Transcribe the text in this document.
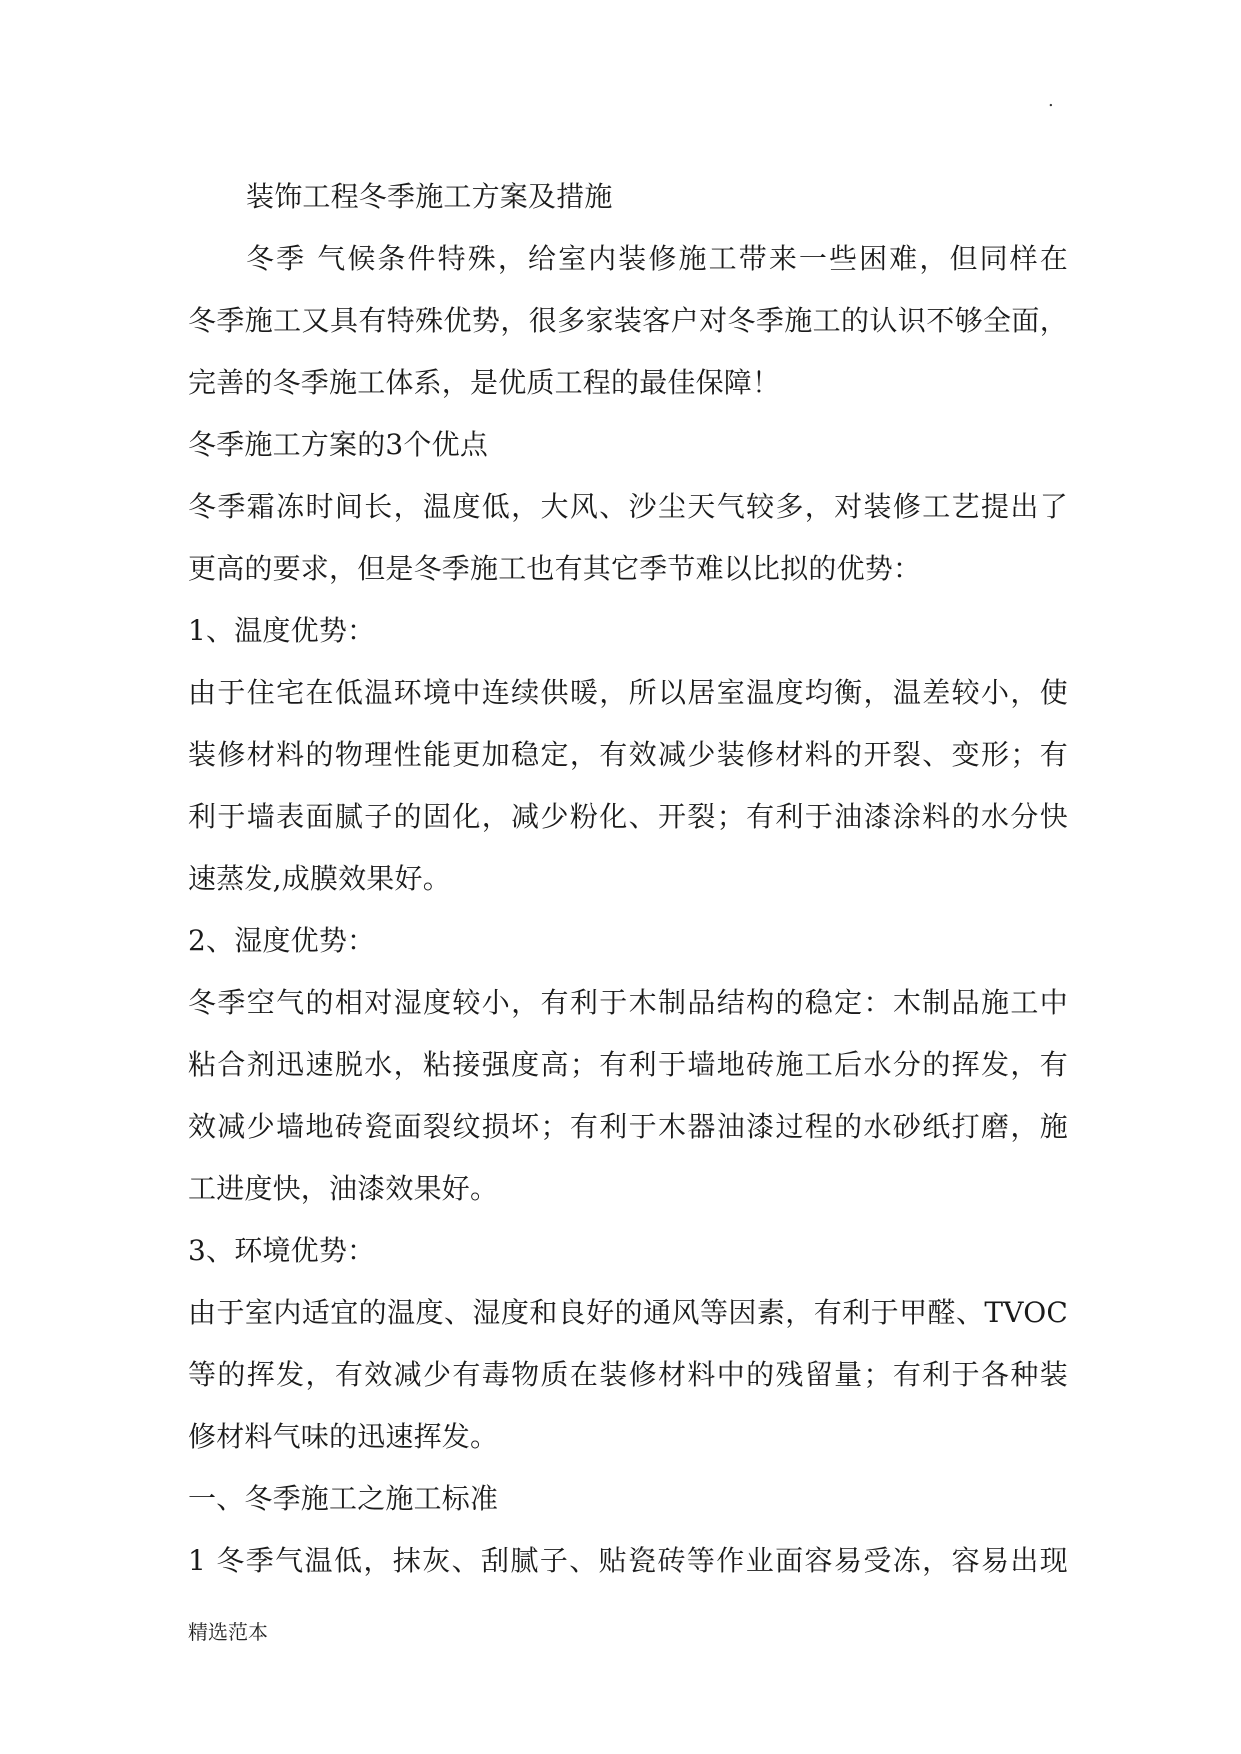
.
装饰工程冬季施工方案及措施
冬季 气候条件特殊，给室内装修施工带来一些困难，但同样在
冬季施工又具有特殊优势，很多家装客户对冬季施工的认识不够全面，
完善的冬季施工体系，是优质工程的最佳保障！
冬季施工方案的3个优点
冬季霜冻时间长，温度低，大风、沙尘天气较多，对装修工艺提出了
更高的要求，但是冬季施工也有其它季节难以比拟的优势：
1、温度优势：
由于住宅在低温环境中连续供暖，所以居室温度均衡，温差较小，使
装修材料的物理性能更加稳定，有效减少装修材料的开裂、变形；有
利于墙表面腻子的固化，减少粉化、开裂；有利于油漆涂料的水分快
速蒸发,成膜效果好。
2、湿度优势：
冬季空气的相对湿度较小，有利于木制品结构的稳定：木制品施工中
粘合剂迅速脱水，粘接强度高；有利于墙地砖施工后水分的挥发，有
效减少墙地砖瓷面裂纹损坏；有利于木器油漆过程的水砂纸打磨，施
工进度快，油漆效果好。
3、环境优势：
由于室内适宜的温度、湿度和良好的通风等因素，有利于甲醛、TVOC
等的挥发，有效减少有毒物质在装修材料中的残留量；有利于各种装
修材料气味的迅速挥发。
一、冬季施工之施工标准
1 冬季气温低，抹灰、刮腻子、贴瓷砖等作业面容易受冻，容易出现
精选范本
